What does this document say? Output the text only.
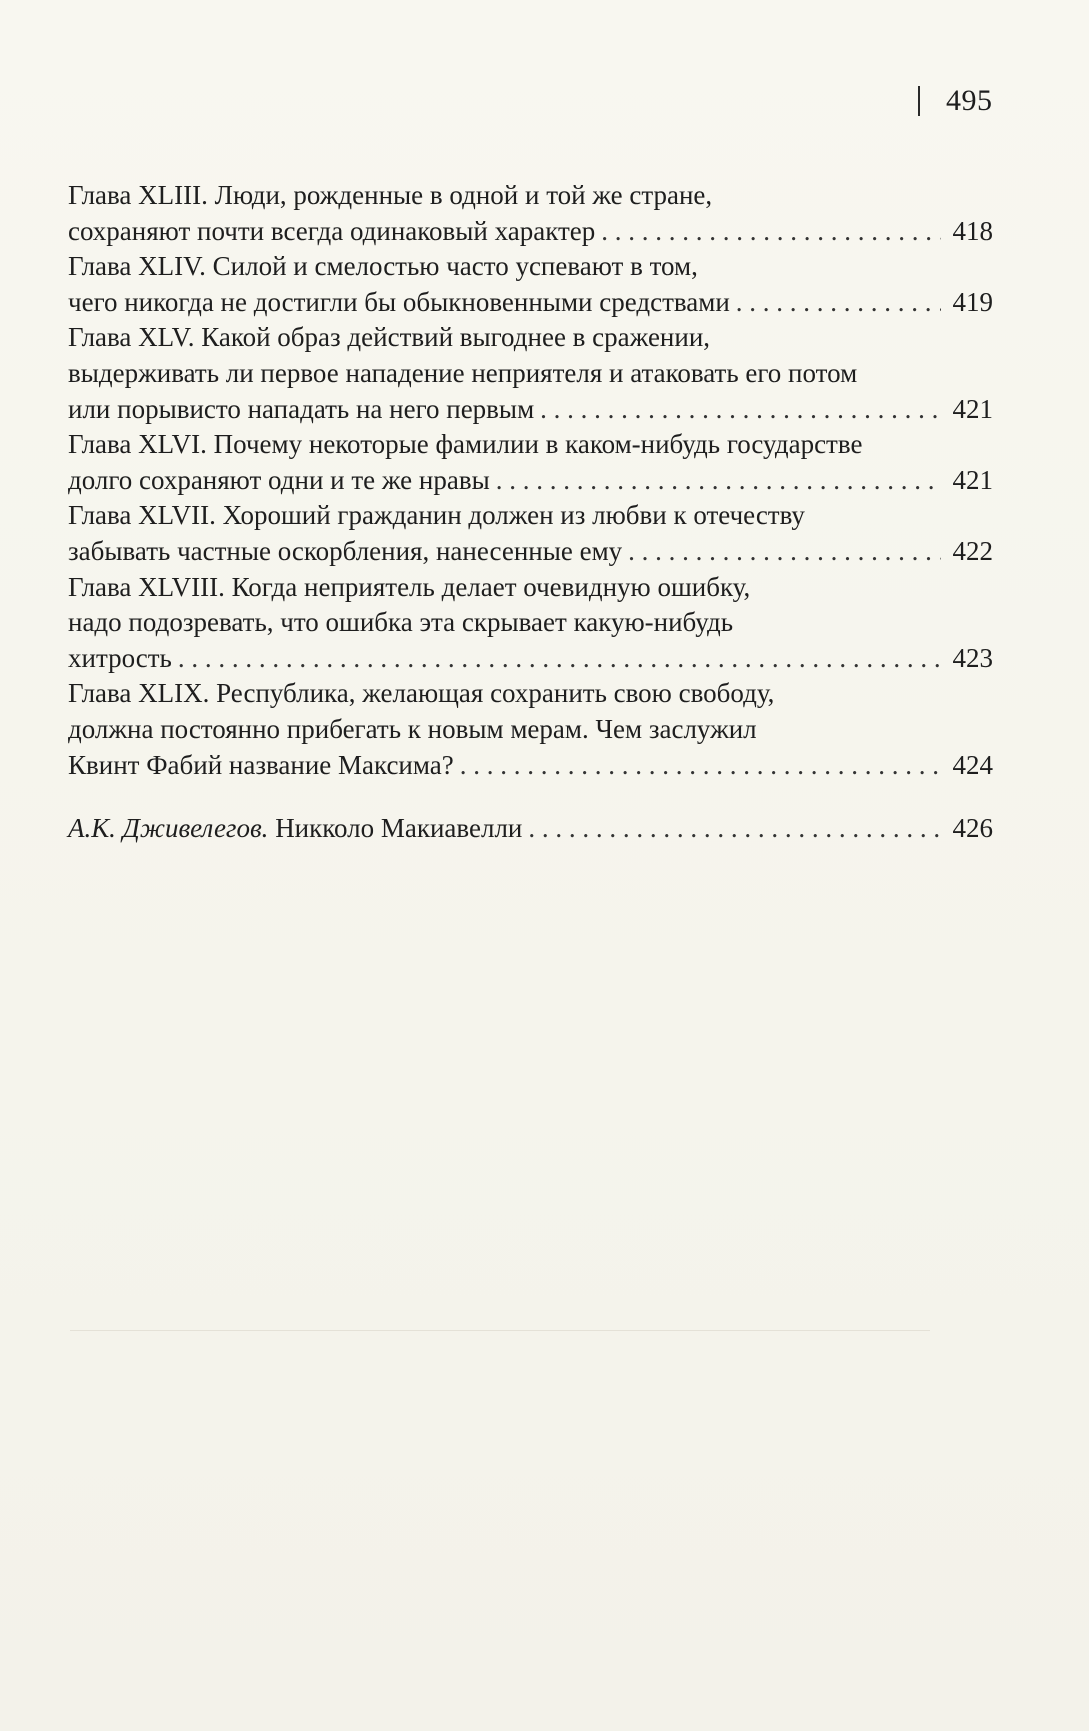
495
Глава XLIII. Люди, рожденные в одной и той же стране,
сохраняют почти всегда одинаковый характер . . .	418
Глава XLIV. Силой и смелостью часто успевают в том,
чего никогда не достигли бы обыкновенными средствами . . .	419
Глава XLV. Какой образ действий выгоднее в сражении,
выдерживать ли первое нападение неприятеля и атаковать его потом
или порывисто нападать на него первым . . .	421
Глава XLVI. Почему некоторые фамилии в каком-нибудь государстве
долго сохраняют одни и те же нравы . . .	421
Глава XLVII. Хороший гражданин должен из любви к отечеству
забывать частные оскорбления, нанесенные ему . . .	422
Глава XLVIII. Когда неприятель делает очевидную ошибку,
надо подозревать, что ошибка эта скрывает какую-нибудь
хитрость . . .	423
Глава XLIX. Республика, желающая сохранить свою свободу,
должна постоянно прибегать к новым мерам. Чем заслужил
Квинт Фабий название Максима? . . .	424
А.К. Дживелегов. Никколо Макиавелли . . .	426
